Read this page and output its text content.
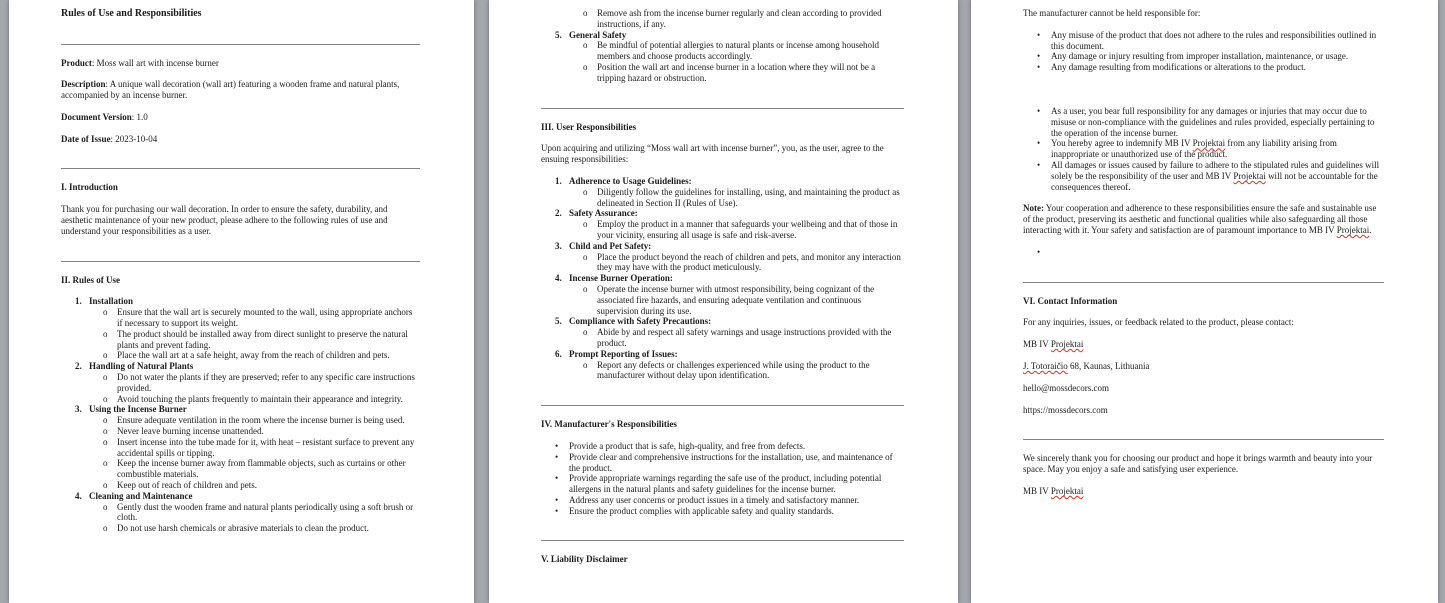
Rules of Use and Responsibilities
Product: Moss wall art with incense burner
Description: A unique wall decoration (wall art) featuring a wooden frame and natural plants, accompanied by an incense burner.
Document Version: 1.0
Date of Issue: 2023-10-04
I. Introduction
Thank you for purchasing our wall decoration. In order to ensure the safety, durability, and aesthetic maintenance of your new product, please adhere to the following rules of use and understand your responsibilities as a user.
II. Rules of Use
1. Installation
o	Ensure that the wall art is securely mounted to the wall, using appropriate anchors if necessary to support its weight.
o	The product should be installed away from direct sunlight to preserve the natural plants and prevent fading.
o	Place the wall art at a safe height, away from the reach of children and pets.
2. Handling of Natural Plants
o	Do not water the plants if they are preserved; refer to any specific care instructions provided.
o	Avoid touching the plants frequently to maintain their appearance and integrity.
3. Using the Incense Burner
o	Ensure adequate ventilation in the room where the incense burner is being used.
o	Never leave burning incense unattended.
o	Insert incense into the tube made for it, with heat – resistant surface to prevent any accidental spills or tipping.
o	Keep the incense burner away from flammable objects, such as curtains or other combustible materials.
o	Keep out of reach of children and pets.
4. Cleaning and Maintenance
o	Gently dust the wooden frame and natural plants periodically using a soft brush or cloth.
o	Do not use harsh chemicals or abrasive materials to clean the product.
o	Remove ash from the incense burner regularly and clean according to provided instructions, if any.
5. General Safety
o	Be mindful of potential allergies to natural plants or incense among household members and choose products accordingly.
o	Position the wall art and incense burner in a location where they will not be a tripping hazard or obstruction.
III. User Responsibilities
Upon acquiring and utilizing “Moss wall art with incense burner”, you, as the user, agree to the ensuing responsibilities:
1. Adherence to Usage Guidelines:
o	Diligently follow the guidelines for installing, using, and maintaining the product as delineated in Section II (Rules of Use).
2. Safety Assurance:
o	Employ the product in a manner that safeguards your wellbeing and that of those in your vicinity, ensuring all usage is safe and risk-averse.
3. Child and Pet Safety:
o	Place the product beyond the reach of children and pets, and monitor any interaction they may have with the product meticulously.
4. Incense Burner Operation:
o	Operate the incense burner with utmost responsibility, being cognizant of the associated fire hazards, and ensuring adequate ventilation and continuous supervision during its use.
5. Compliance with Safety Precautions:
o	Abide by and respect all safety warnings and usage instructions provided with the product.
6. Prompt Reporting of Issues:
o	Report any defects or challenges experienced while using the product to the manufacturer without delay upon identification.
IV. Manufacturer's Responsibilities
•	Provide a product that is safe, high-quality, and free from defects.
•	Provide clear and comprehensive instructions for the installation, use, and maintenance of the product.
•	Provide appropriate warnings regarding the safe use of the product, including potential allergens in the natural plants and safety guidelines for the incense burner.
•	Address any user concerns or product issues in a timely and satisfactory manner.
•	Ensure the product complies with applicable safety and quality standards.
V. Liability Disclaimer
The manufacturer cannot be held responsible for:
•	Any misuse of the product that does not adhere to the rules and responsibilities outlined in this document.
•	Any damage or injury resulting from improper installation, maintenance, or usage.
•	Any damage resulting from modifications or alterations to the product.
•	As a user, you bear full responsibility for any damages or injuries that may occur due to misuse or non-compliance with the guidelines and rules provided, especially pertaining to the operation of the incense burner.
•	You hereby agree to indemnify MB IV Projektai from any liability arising from inappropriate or unauthorized use of the product.
•	All damages or issues caused by failure to adhere to the stipulated rules and guidelines will solely be the responsibility of the user and MB IV Projektai will not be accountable for the consequences thereof.
Note: Your cooperation and adherence to these responsibilities ensure the safe and sustainable use of the product, preserving its aesthetic and functional qualities while also safeguarding all those interacting with it. Your safety and satisfaction are of paramount importance to MB IV Projektai.
•
VI. Contact Information
For any inquiries, issues, or feedback related to the product, please contact:
MB IV Projektai
J. Totoraičio 68, Kaunas, Lithuania
hello@mossdecors.com
https://mossdecors.com
We sincerely thank you for choosing our product and hope it brings warmth and beauty into your space. May you enjoy a safe and satisfying user experience.
MB IV Projektai
